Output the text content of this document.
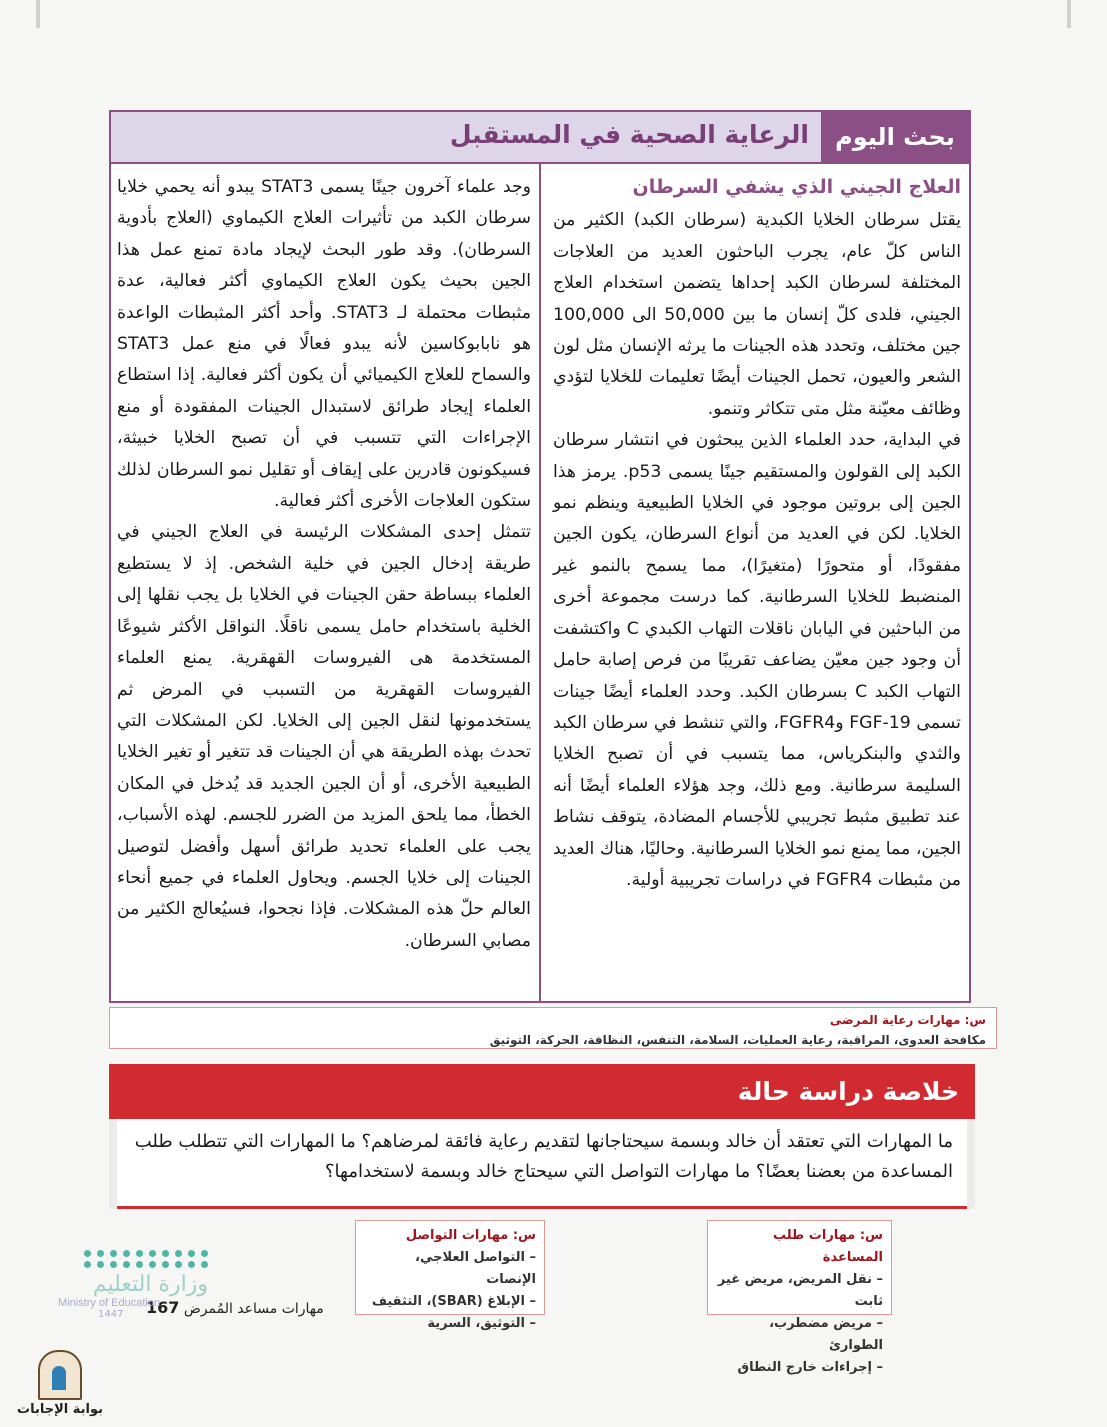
بحث اليوم
الرعاية الصحية في المستقبل
العلاج الجيني الذي يشفي السرطان

يقتل سرطان الخلايا الكبدية (سرطان الكبد) الكثير من الناس كلّ عام، يجرب الباحثون العديد من العلاجات المختلفة لسرطان الكبد إحداها يتضمن استخدام العلاج الجيني، فلدى كلّ إنسان ما بين 50,000 الى 100,000 جين مختلف، وتحدد هذه الجينات ما يرثه الإنسان مثل لون الشعر والعيون، تحمل الجينات أيضًا تعليمات للخلايا لتؤدي وظائف معيّنة مثل متى تتكاثر وتنمو.

في البداية، حدد العلماء الذين يبحثون في انتشار سرطان الكبد إلى القولون والمستقيم جينًا يسمى p53. يرمز هذا الجين إلى بروتين موجود في الخلايا الطبيعية وينظم نمو الخلايا. لكن في العديد من أنواع السرطان، يكون الجين مفقودًا، أو متحورًا (متغيرًا)، مما يسمح بالنمو غير المنضبط للخلايا السرطانية. كما درست مجموعة أخرى من الباحثين في اليابان ناقلات التهاب الكبدي C واكتشفت أن وجود جين معيّن يضاعف تقريبًا من فرص إصابة حامل التهاب الكبد C بسرطان الكبد. وحدد العلماء أيضًا جينات تسمى FGF-19 وFGFR4، والتي تنشط في سرطان الكبد والثدي والبنكرياس، مما يتسبب في أن تصبح الخلايا السليمة سرطانية. ومع ذلك، وجد هؤلاء العلماء أيضًا أنه عند تطبيق مثبط تجريبي للأجسام المضادة، يتوقف نشاط الجين، مما يمنع نمو الخلايا السرطانية. وحاليًا، هناك العديد من مثبطات FGFR4 في دراسات تجريبية أولية.

وجد علماء آخرون جينًا يسمى STAT3 يبدو أنه يحمي خلايا سرطان الكبد من تأثيرات العلاج الكيماوي (العلاج بأدوية السرطان). وقد طور البحث لإيجاد مادة تمنع عمل هذا الجين بحيث يكون العلاج الكيماوي أكثر فعالية، عدة مثبطات محتملة لـ STAT3. وأحد أكثر المثبطات الواعدة هو نابابوكاسين لأنه يبدو فعالًا في منع عمل STAT3 والسماح للعلاج الكيميائي أن يكون أكثر فعالية. إذا استطاع العلماء إيجاد طرائق لاستبدال الجينات المفقودة أو منع الإجراءات التي تتسبب في أن تصبح الخلايا خبيثة، فسيكونون قادرين على إيقاف أو تقليل نمو السرطان لذلك ستكون العلاجات الأخرى أكثر فعالية.

تتمثل إحدى المشكلات الرئيسة في العلاج الجيني في طريقة إدخال الجين في خلية الشخص. إذ لا يستطيع العلماء ببساطة حقن الجينات في الخلايا بل يجب نقلها إلى الخلية باستخدام حامل يسمى ناقلًا. النواقل الأكثر شيوعًا المستخدمة هى الفيروسات القهقرية. يمنع العلماء الفيروسات القهقرية من التسبب في المرض ثم يستخدمونها لنقل الجين إلى الخلايا. لكن المشكلات التي تحدث بهذه الطريقة هي أن الجينات قد تتغير أو تغير الخلايا الطبيعية الأخرى، أو أن الجين الجديد قد يُدخل في المكان الخطأ، مما يلحق المزيد من الضرر للجسم. لهذه الأسباب، يجب على العلماء تحديد طرائق أسهل وأفضل لتوصيل الجينات إلى خلايا الجسم. ويحاول العلماء في جميع أنحاء العالم حلّ هذه المشكلات. فإذا نجحوا، فسيُعالج الكثير من مصابي السرطان.

س: مهارات رعاية المرضى
مكافحة العدوى، المراقبة، رعاية العمليات، السلامة، التنفس، النظافة، الحركة، التوثيق
خلاصة دراسة حالة
ما المهارات التي تعتقد أن خالد وبسمة سيحتاجانها لتقديم رعاية فائقة لمرضاهم؟ ما المهارات التي تتطلب طلب المساعدة من بعضنا بعضًا؟ ما مهارات التواصل التي سيحتاج خالد وبسمة لاستخدامها؟
س: مهارات طلب المساعدة
– نقل المريض، مريض غير ثابت
– مريض مضطرب، الطوارئ
– إجراءات خارج النطاق
س: مهارات التواصل
– التواصل العلاجي، الإنصات
– الإبلاغ (SBAR)، التثقيف
– التوثيق، السرية
مهارات مساعد المُمرض 167
وزارة التعليم
Ministry of Education
1447
بوابة الإجابات
